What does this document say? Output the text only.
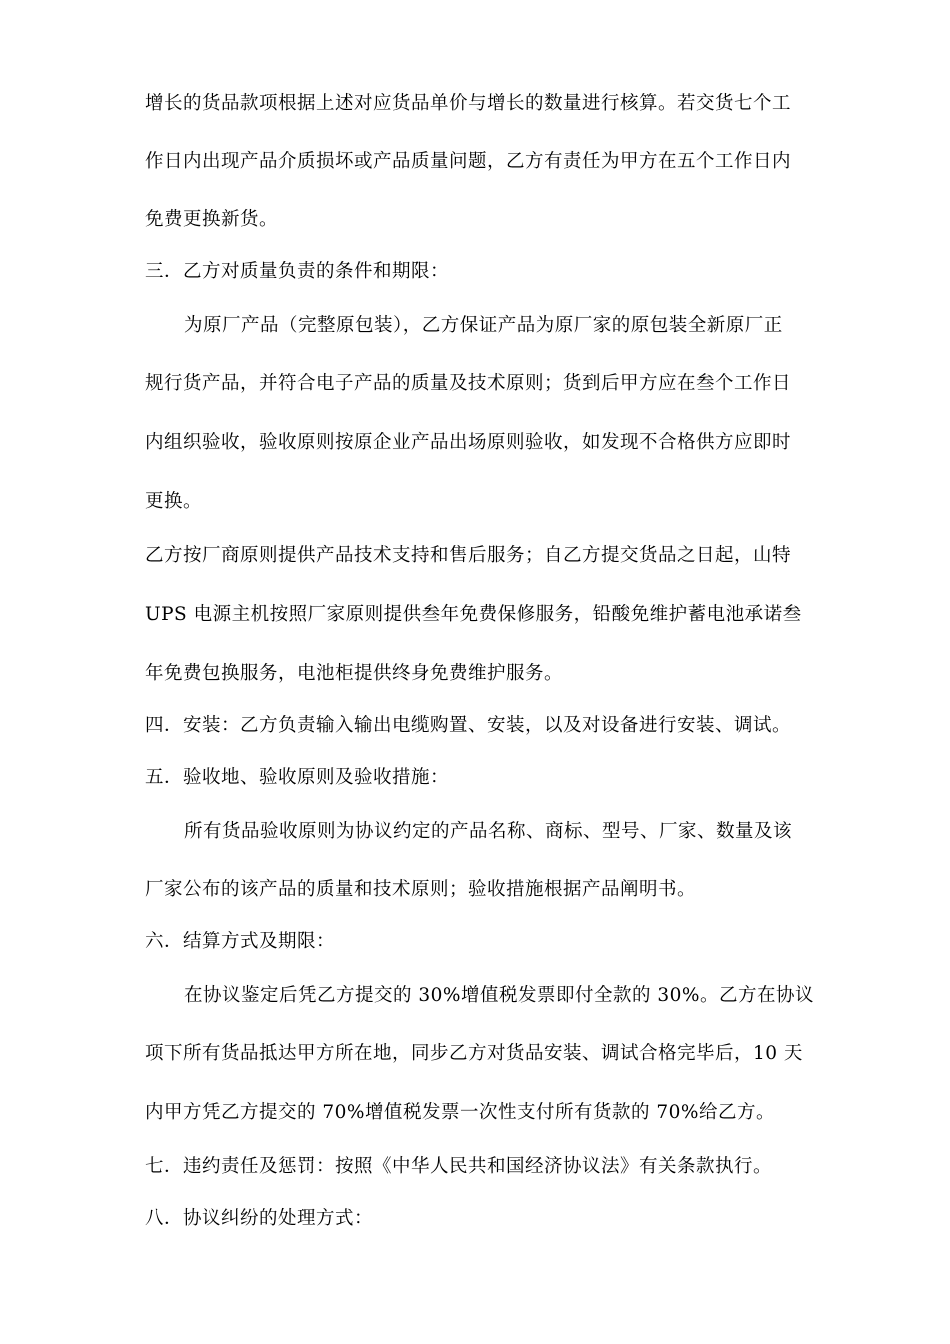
增长的货品款项根据上述对应货品单价与增长的数量进行核算。若交货七个工
作日内出现产品介质损坏或产品质量问题，乙方有责任为甲方在五个工作日内
免费更换新货。
三．乙方对质量负责的条件和期限：
为原厂产品（完整原包装），乙方保证产品为原厂家的原包装全新原厂正
规行货产品，并符合电子产品的质量及技术原则；货到后甲方应在叁个工作日
内组织验收，验收原则按原企业产品出场原则验收，如发现不合格供方应即时
更换。
乙方按厂商原则提供产品技术支持和售后服务；自乙方提交货品之日起，山特
UPS 电源主机按照厂家原则提供叁年免费保修服务，铅酸免维护蓄电池承诺叁
年免费包换服务，电池柜提供终身免费维护服务。
四．安装：乙方负责输入输出电缆购置、安装，以及对设备进行安装、调试。
五．验收地、验收原则及验收措施：
所有货品验收原则为协议约定的产品名称、商标、型号、厂家、数量及该
厂家公布的该产品的质量和技术原则；验收措施根据产品阐明书。
六．结算方式及期限：
在协议鉴定后凭乙方提交的 30%增值税发票即付全款的 30%。乙方在协议
项下所有货品抵达甲方所在地，同步乙方对货品安装、调试合格完毕后，10 天
内甲方凭乙方提交的 70%增值税发票一次性支付所有货款的 70%给乙方。
七．违约责任及惩罚：按照《中华人民共和国经济协议法》有关条款执行。
八．协议纠纷的处理方式：
